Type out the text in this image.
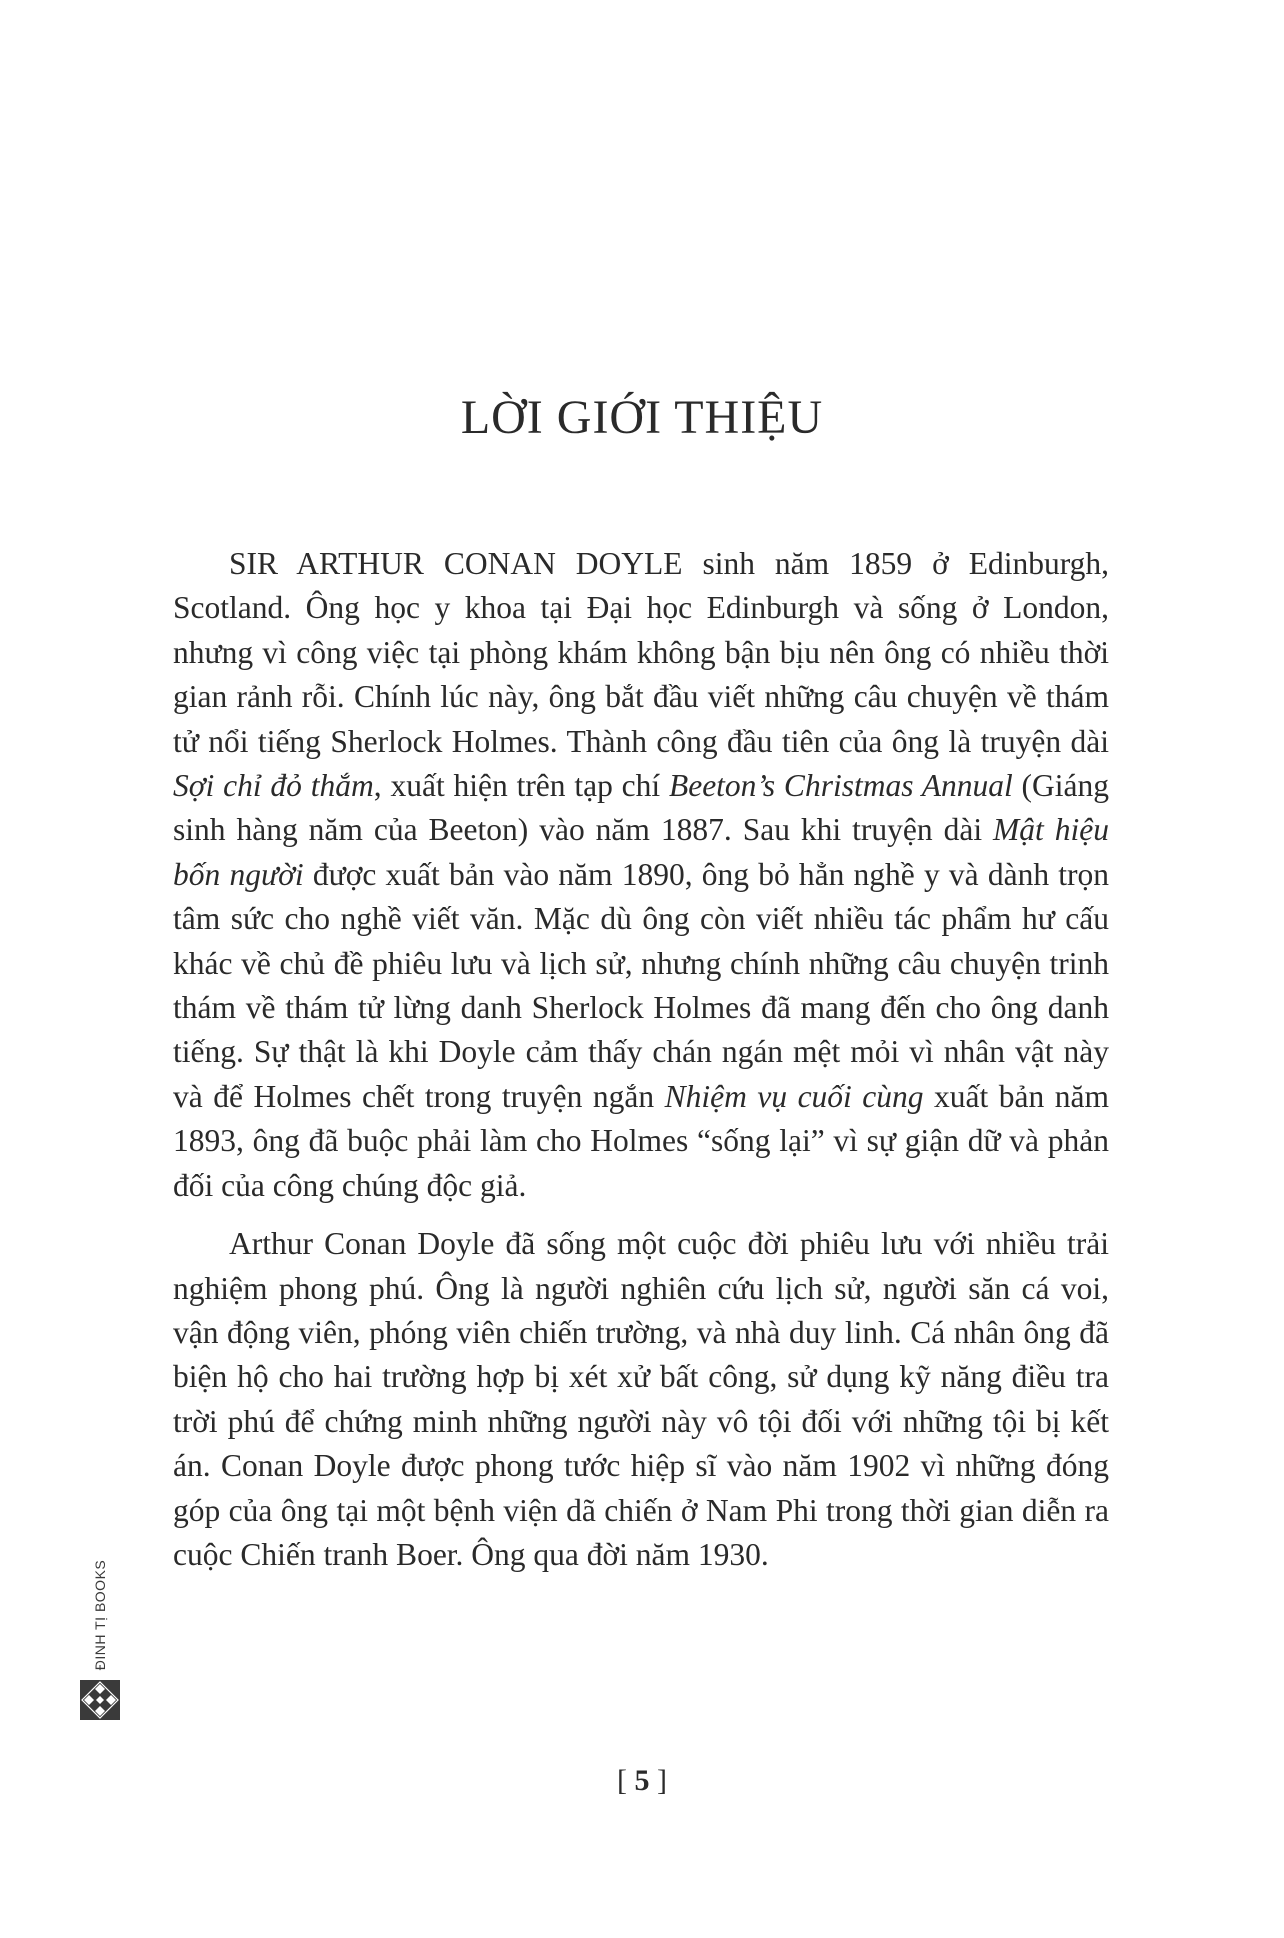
LỜI GIỚI THIỆU

SIR ARTHUR CONAN DOYLE sinh năm 1859 ở Edinburgh, Scotland. Ông học y khoa tại Đại học Edinburgh và sống ở London, nhưng vì công việc tại phòng khám không bận bịu nên ông có nhiều thời gian rảnh rỗi. Chính lúc này, ông bắt đầu viết những câu chuyện về thám tử nổi tiếng Sherlock Holmes. Thành công đầu tiên của ông là truyện dài Sợi chỉ đỏ thắm, xuất hiện trên tạp chí Beeton’s Christmas Annual (Giáng sinh hàng năm của Beeton) vào năm 1887. Sau khi truyện dài Mật hiệu bốn người được xuất bản vào năm 1890, ông bỏ hẳn nghề y và dành trọn tâm sức cho nghề viết văn. Mặc dù ông còn viết nhiều tác phẩm hư cấu khác về chủ đề phiêu lưu và lịch sử, nhưng chính những câu chuyện trinh thám về thám tử lừng danh Sherlock Holmes đã mang đến cho ông danh tiếng. Sự thật là khi Doyle cảm thấy chán ngán mệt mỏi vì nhân vật này và để Holmes chết trong truyện ngắn Nhiệm vụ cuối cùng xuất bản năm 1893, ông đã buộc phải làm cho Holmes “sống lại” vì sự giận dữ và phản đối của công chúng độc giả.

Arthur Conan Doyle đã sống một cuộc đời phiêu lưu với nhiều trải nghiệm phong phú. Ông là người nghiên cứu lịch sử, người săn cá voi, vận động viên, phóng viên chiến trường, và nhà duy linh. Cá nhân ông đã biện hộ cho hai trường hợp bị xét xử bất công, sử dụng kỹ năng điều tra trời phú để chứng minh những người này vô tội đối với những tội bị kết án. Conan Doyle được phong tước hiệp sĩ vào năm 1902 vì những đóng góp của ông tại một bệnh viện dã chiến ở Nam Phi trong thời gian diễn ra cuộc Chiến tranh Boer. Ông qua đời năm 1930.

ĐINH TỊ BOOKS
[ 5 ]
